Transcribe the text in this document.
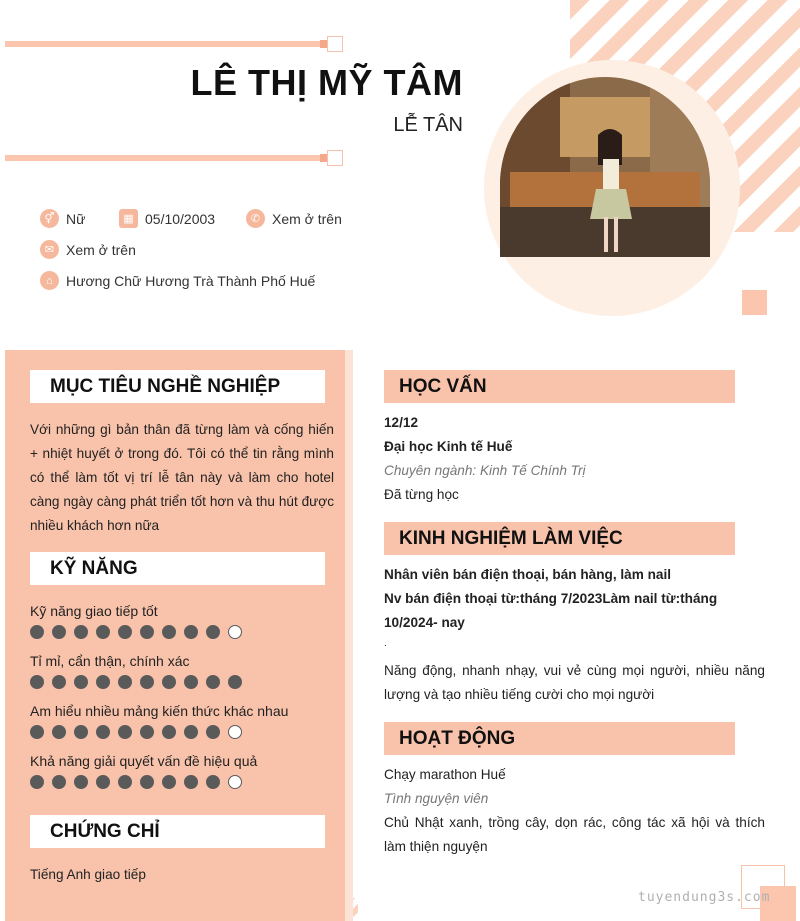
LÊ THỊ MỸ TÂM
LỄ TÂN
⚥ Nữ	▦ 05/10/2003	✆ Xem ở trên
✉ Xem ở trên
⌂ Hương Chữ Hương Trà Thành Phố Huế
MỤC TIÊU NGHỀ NGHIỆP
Với những gì bản thân đã từng làm và cống hiến + nhiệt huyết ở trong đó. Tôi có thể tin rằng mình có thể làm tốt vị trí lễ tân này và làm cho hotel càng ngày càng phát triển tốt hơn và thu hút được nhiều khách hơn nữa
KỸ NĂNG
Kỹ năng giao tiếp tốt
Tỉ mỉ, cẩn thận, chính xác
Am hiểu nhiều mảng kiến thức khác nhau
Khả năng giải quyết vấn đề hiệu quả
CHỨNG CHỈ
Tiếng Anh giao tiếp
HỌC VẤN
12/12
Đại học Kinh tế Huế
Chuyên ngành: Kinh Tế Chính Trị
Đã từng học
KINH NGHIỆM LÀM VIỆC
Nhân viên bán điện thoại, bán hàng, làm nail
Nv bán điện thoại từ:tháng 7/2023Làm nail từ:tháng 10/2024- nay
.
Năng động, nhanh nhạy, vui vẻ cùng mọi người, nhiều năng lượng và tạo nhiều tiếng cười cho mọi người
HOẠT ĐỘNG
Chạy marathon Huế
Tình nguyện viên
Chủ Nhật xanh, trồng cây, dọn rác, công tác xã hội và thích làm thiện nguyện
tuyendung3s.com
